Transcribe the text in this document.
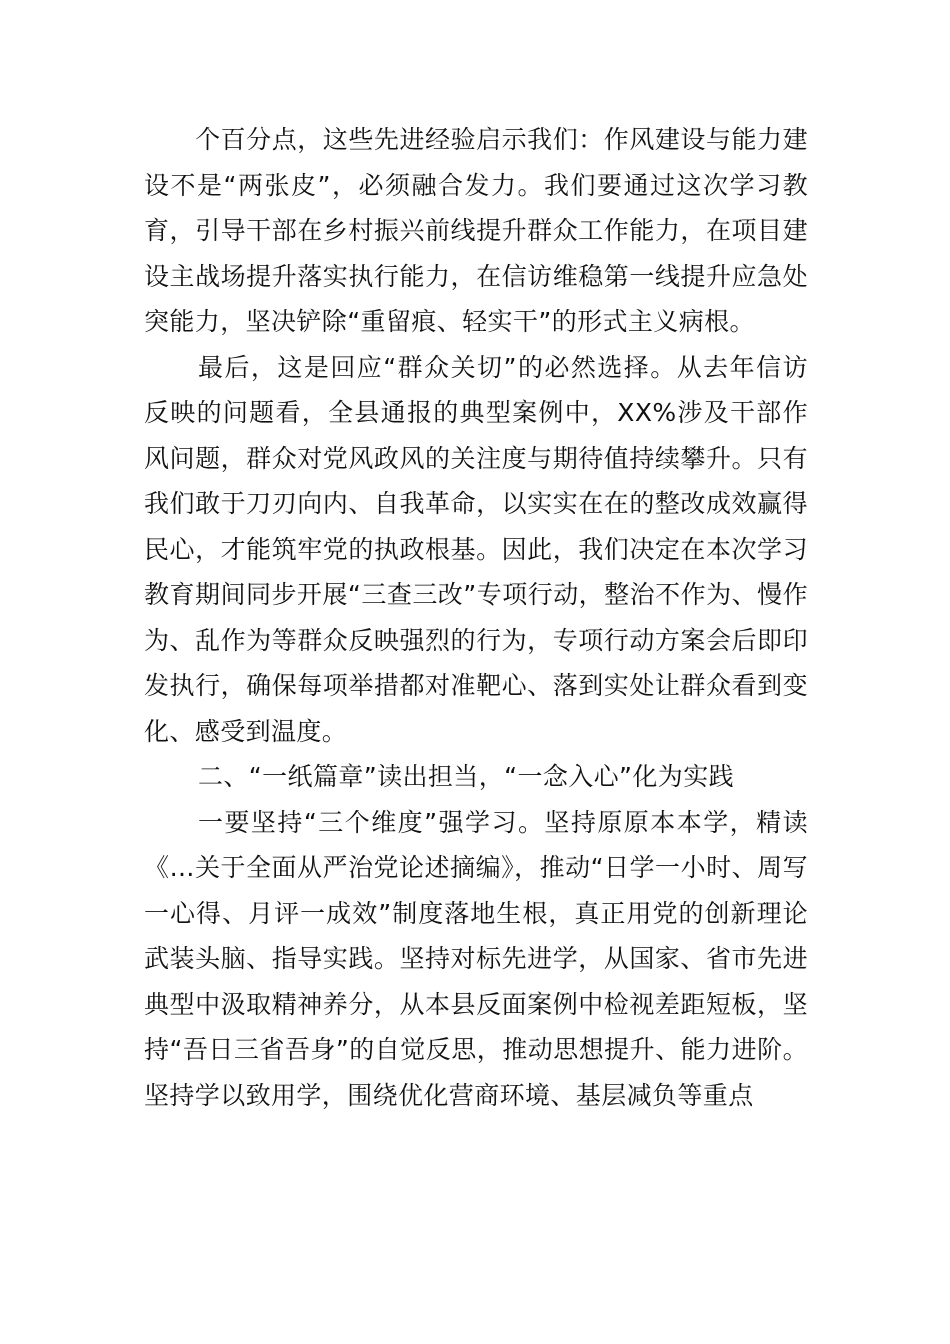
　　个百分点，这些先进经验启示我们：作风建设与能力建设不是“两张皮”，必须融合发力。我们要通过这次学习教育，引导干部在乡村振兴前线提升群众工作能力，在项目建设主战场提升落实执行能力，在信访维稳第一线提升应急处突能力，坚决铲除“重留痕、轻实干”的形式主义病根。

最后，这是回应“群众关切”的必然选择。从去年信访反映的问题看，全县通报的典型案例中，XX%涉及干部作风问题，群众对党风政风的关注度与期待值持续攀升。只有我们敢于刀刃向内、自我革命，以实实在在的整改成效赢得民心，才能筑牢党的执政根基。因此，我们决定在本次学习教育期间同步开展“三查三改”专项行动，整治不作为、慢作为、乱作为等群众反映强烈的行为，专项行动方案会后即印发执行，确保每项举措都对准靶心、落到实处让群众看到变化、感受到温度。

二、“一纸篇章”读出担当，“一念入心”化为实践

一要坚持“三个维度”强学习。坚持原原本本学，精读《…关于全面从严治党论述摘编》，推动“日学一小时、周写一心得、月评一成效”制度落地生根，真正用党的创新理论武装头脑、指导实践。坚持对标先进学，从国家、省市先进典型中汲取精神养分，从本县反面案例中检视差距短板，坚持“吾日三省吾身”的自觉反思，推动思想提升、能力进阶。坚持学以致用学，围绕优化营商环境、基层减负等重点
